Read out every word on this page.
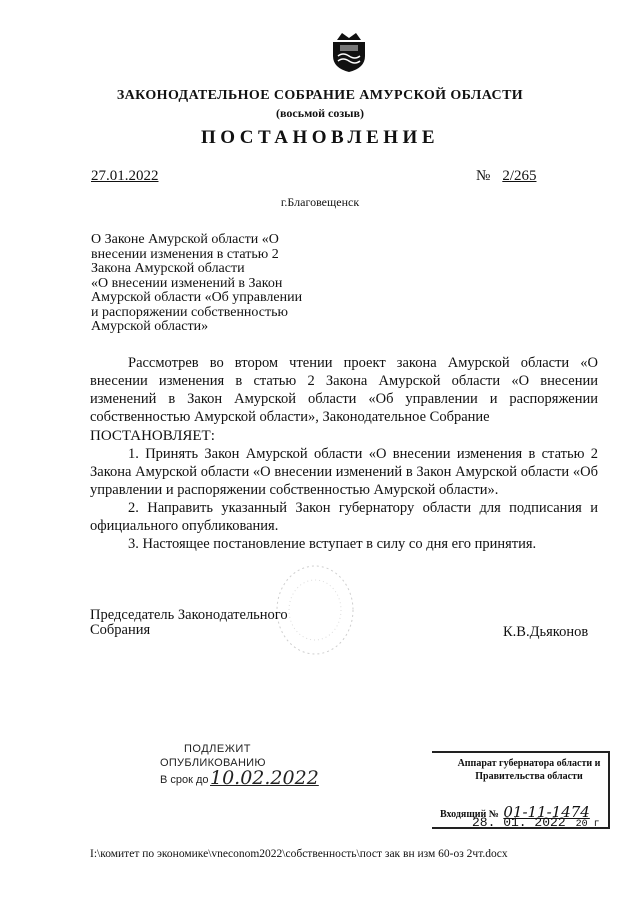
ЗАКОНОДАТЕЛЬНОЕ СОБРАНИЕ АМУРСКОЙ ОБЛАСТИ
(восьмой созыв)
ПОСТАНОВЛЕНИЕ
27.01.2022	№ 2/265
г.Благовещенск
О Законе Амурской области «О
внесении изменения в статью 2
Закона Амурской области
«О внесении изменений в Закон
Амурской области «Об управлении
и распоряжении собственностью
Амурской области»

Рассмотрев во втором чтении проект закона Амурской области «О внесении изменения в статью 2 Закона Амурской области «О внесении изменений в Закон Амурской области «Об управлении и распоряжении собственностью Амурской области», Законодательное Собрание

ПОСТАНОВЛЯЕТ:

1. Принять Закон Амурской области «О внесении изменения в статью 2 Закона Амурской области «О внесении изменений в Закон Амурской области «Об управлении и распоряжении собственностью Амурской области».

2. Направить указанный Закон губернатору области для подписания и официального опубликования.

3. Настоящее постановление вступает в силу со дня его принятия.

Председатель Законодательного
Собрания	К.В.Дьяконов
ПОДЛЕЖИТ
ОПУБЛИКОВАНИЮ
В срок до 10.02.2022
Аппарат губернатора области и
Правительства области
Входящий № 01-11-1474
28. 01. 2022 20 г
I:\комитет по экономике\vneconom2022\собственность\пост зак вн изм 60-оз 2чт.docx
